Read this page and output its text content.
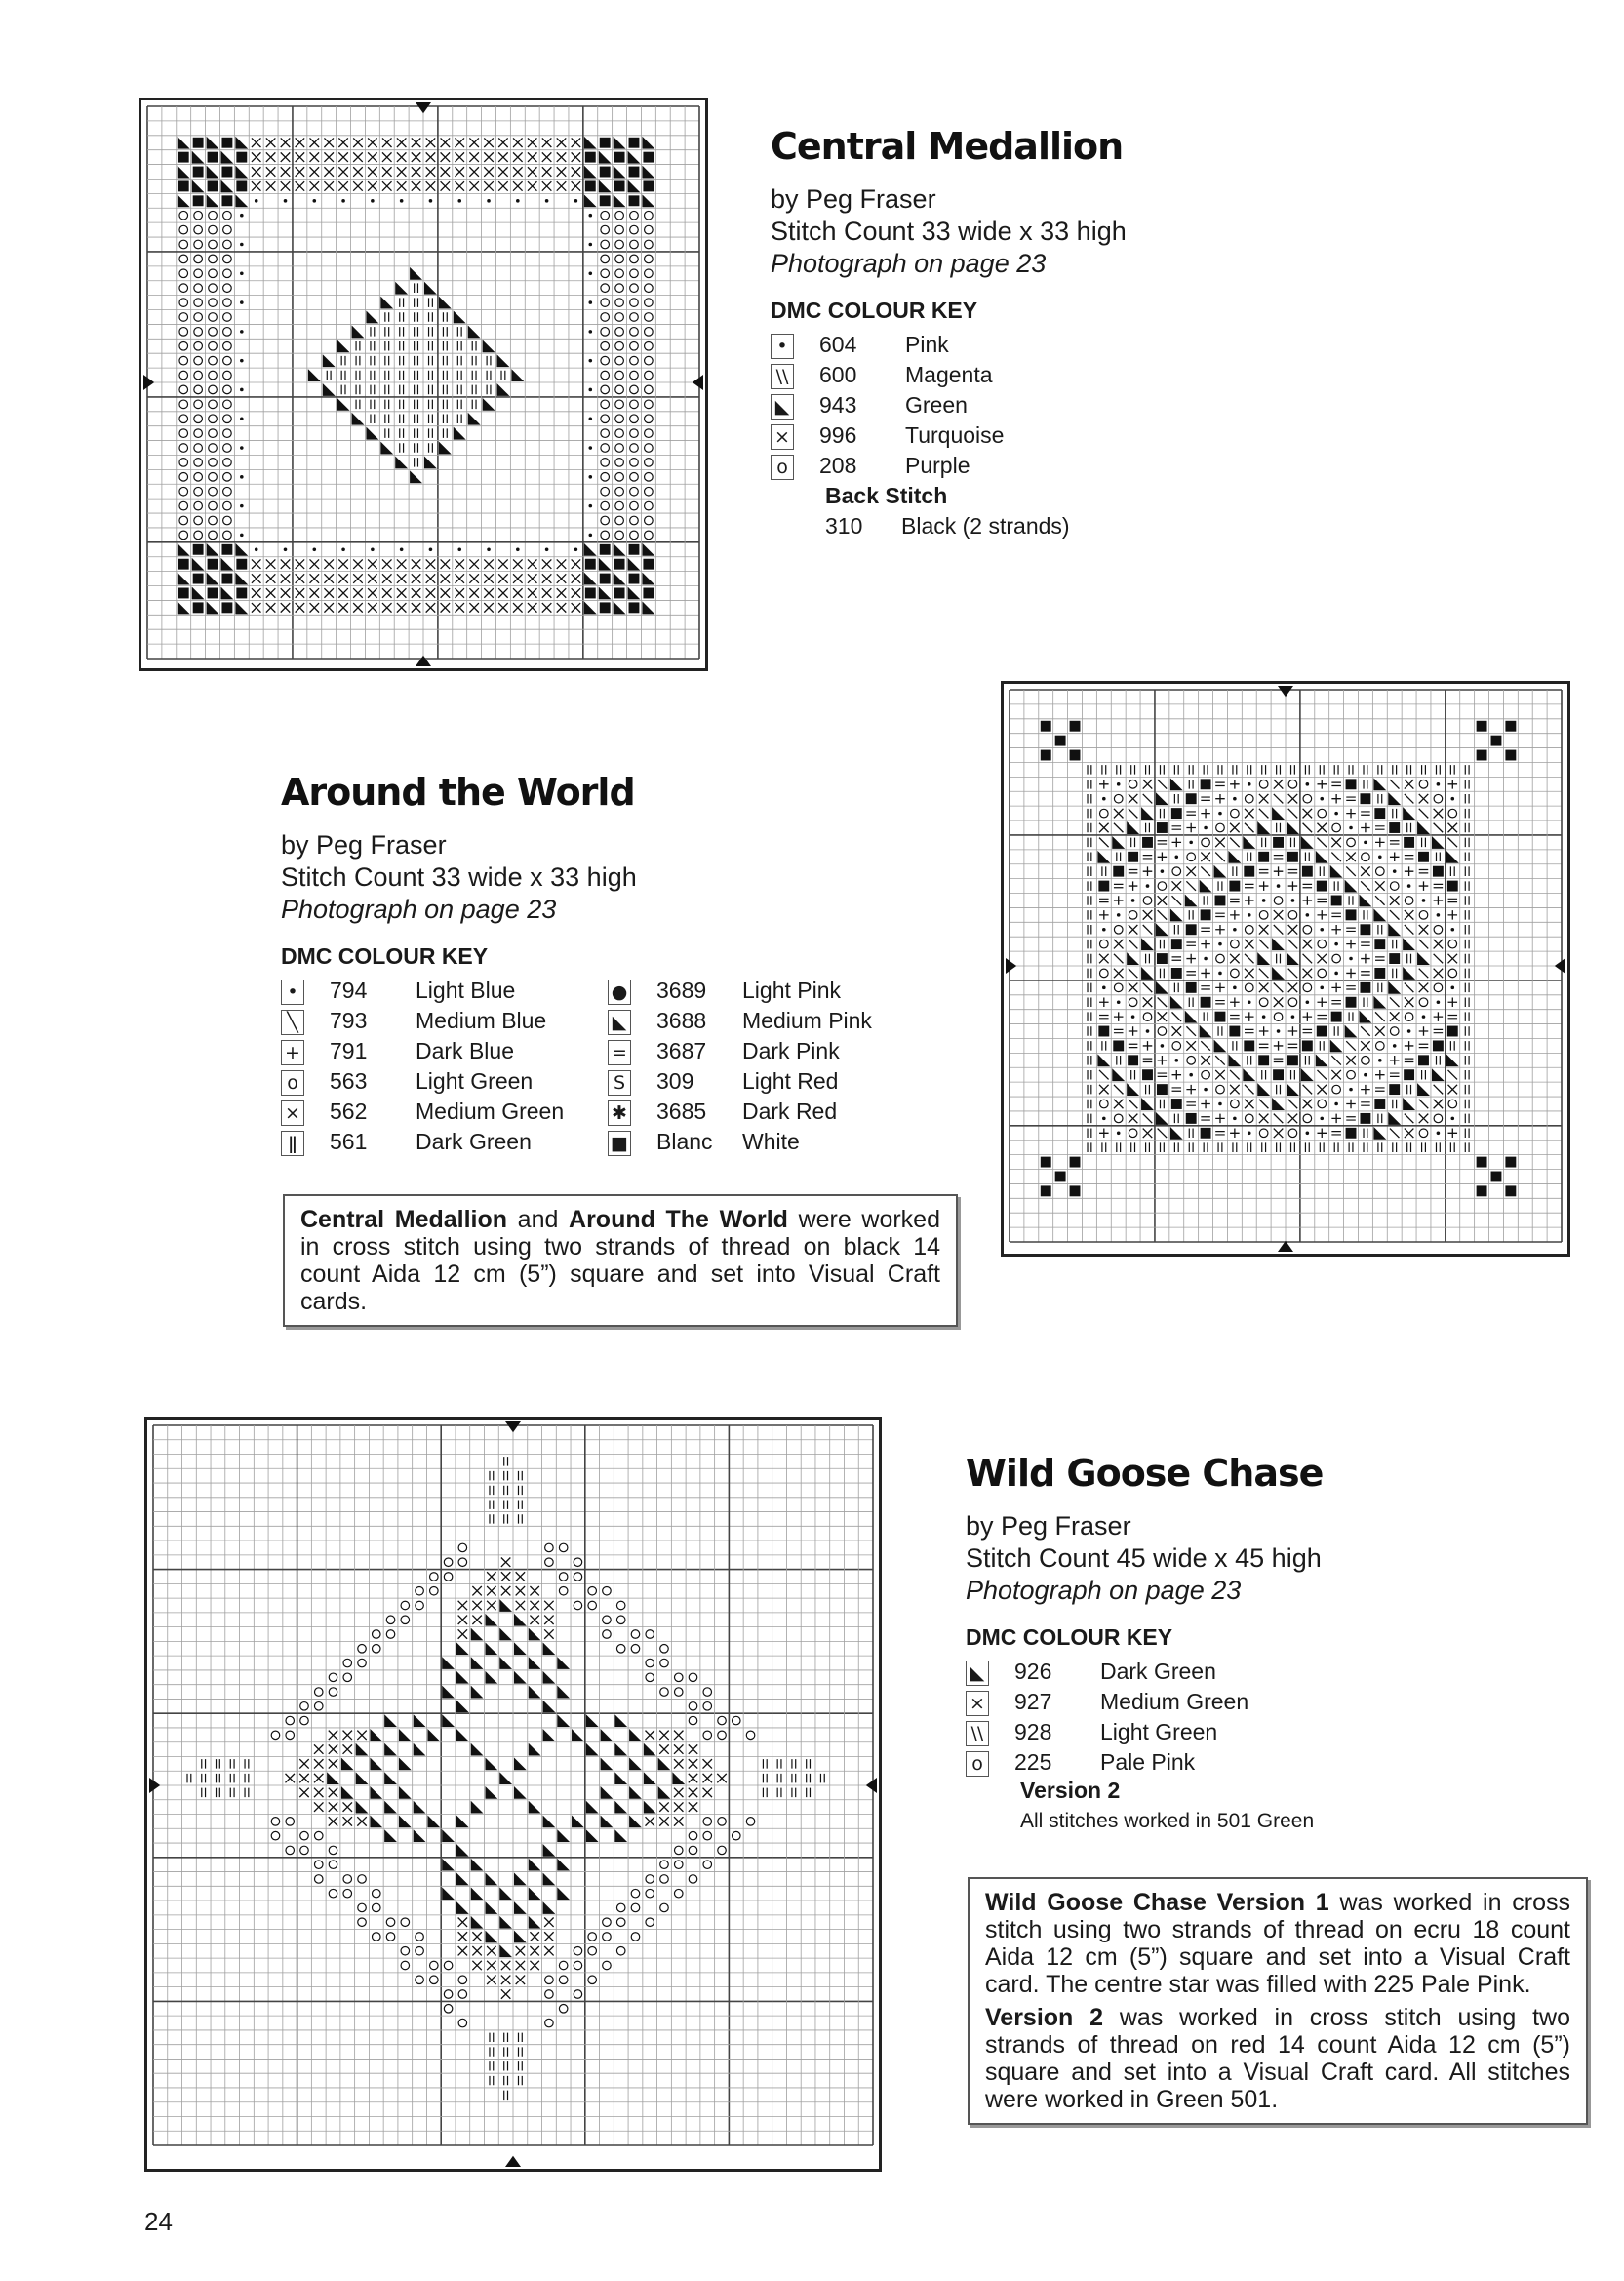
Central Medallion
by Peg Fraser
Stitch Count 33 wide x 33 high
Photograph on page 23
DMC COLOUR KEY
•	604	Pink
\\	600	Magenta
◣	943	Green
×	996	Turquoise
o	208	Purple
Back Stitch
310 Black (2 strands)
Around the World
by Peg Fraser
Stitch Count 33 wide x 33 high
Photograph on page 23
DMC COLOUR KEY
•	794	Light Blue
╲	793	Medium Blue
+	791	Dark Blue
o	563	Light Green
×	562	Medium Green
ǁ	561	Dark Green
●	3689	Light Pink
◣	3688	Medium Pink
=	3687	Dark Pink
S	309	Light Red
✱	3685	Dark Red
■	Blanc	White
Central Medallion and Around The World were worked in cross stitch using two strands of thread on black 14 count Aida 12 cm (5”) square and set into Visual Craft cards.
Wild Goose Chase
by Peg Fraser
Stitch Count 45 wide x 45 high
Photograph on page 23
DMC COLOUR KEY
◣	926	Dark Green
×	927	Medium Green
\\	928	Light Green
o	225	Pale Pink
Version 2
All stitches worked in 501 Green
Wild Goose Chase Version 1 was worked in cross stitch using two strands of thread on ecru 18 count Aida 12 cm (5”) square and set into a Visual Craft card. The centre star was filled with 225 Pale Pink.
Version 2 was worked in cross stitch using two strands of thread on red 14 count Aida 12 cm (5”) square and set into a Visual Craft card. All stitches were worked in Green 501.
24
